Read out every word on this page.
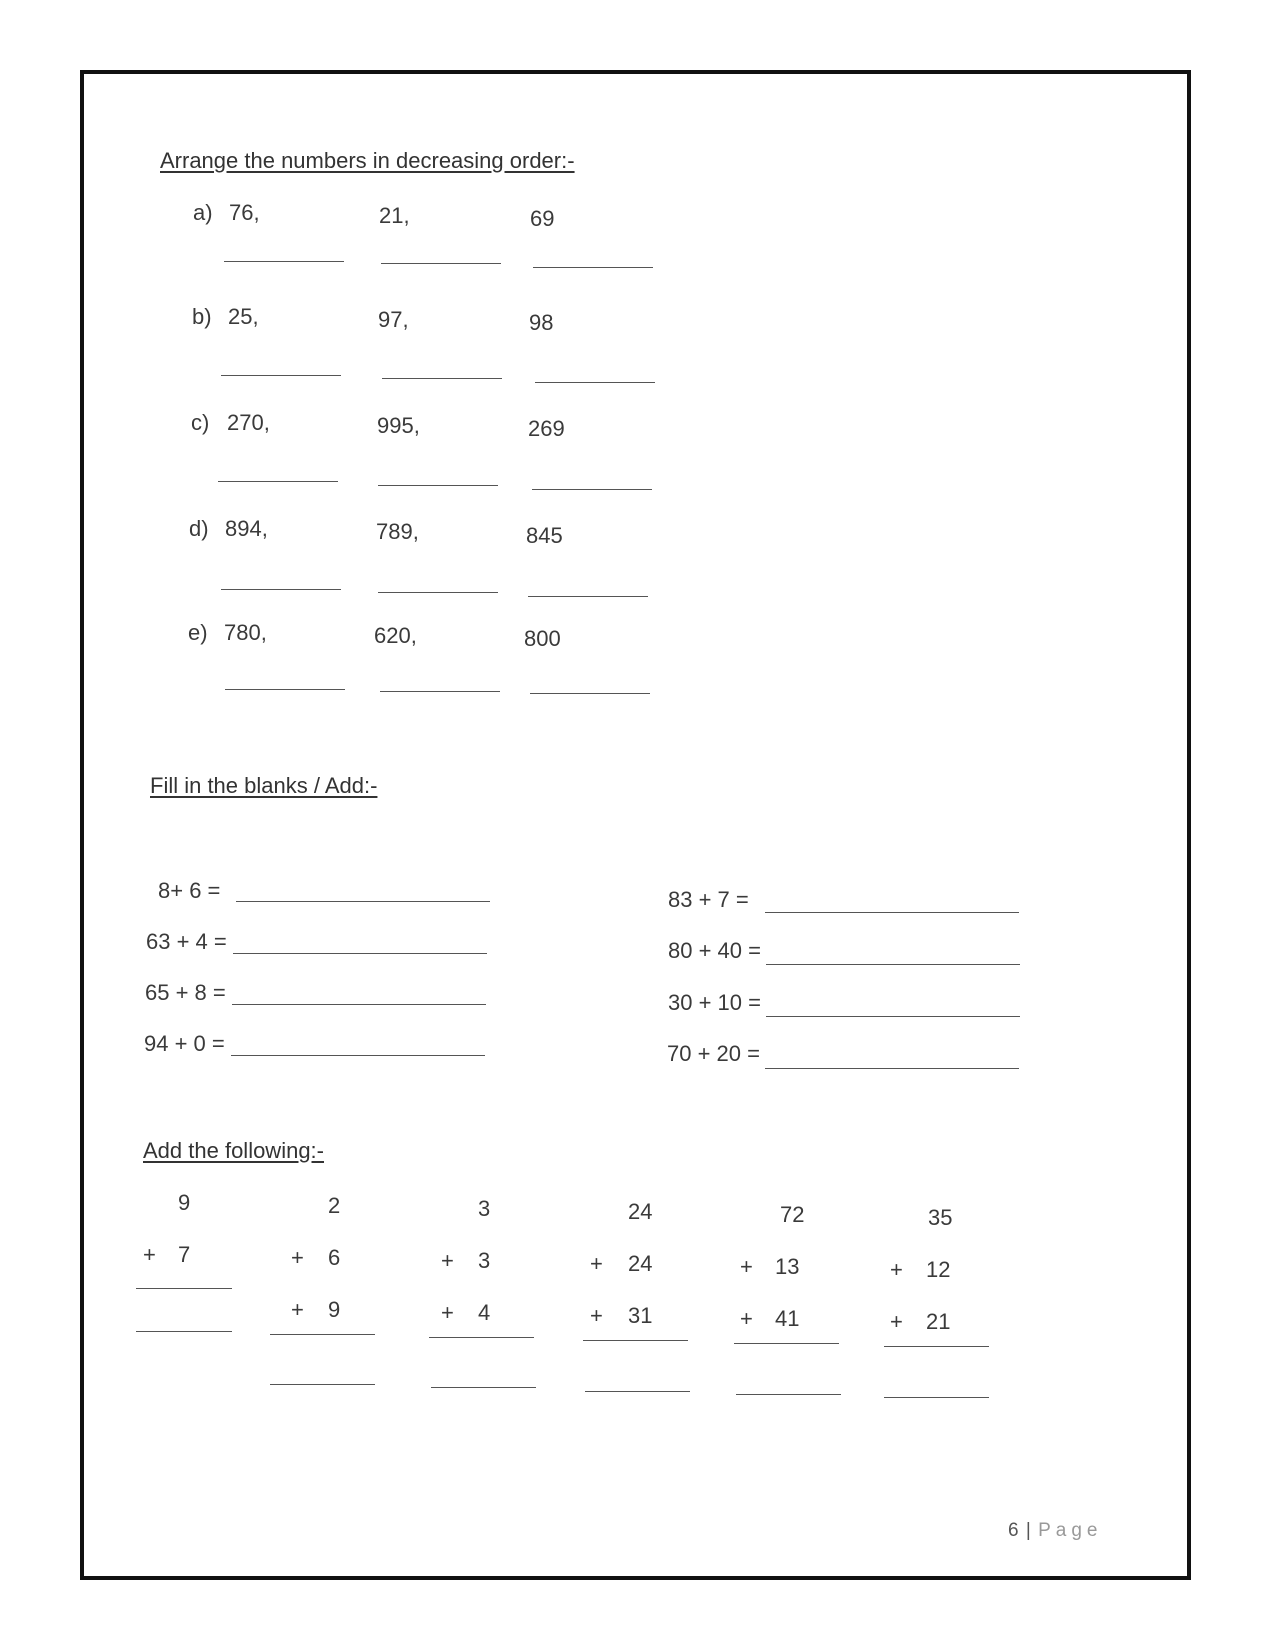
Arrange the numbers in decreasing order:-
a) 76,	21,	69
b) 25,	97,	98
c) 270,	995,	269
d) 894,	789,	845
e) 780,	620,	800
Fill in the blanks / Add:-
8+ 6 =
63 + 4 =
65 + 8 =
94 + 0 =
83 + 7 =
80 + 40 =
30 + 10 =
70 + 20 =
Add the following:-
9
+ 7
2
+ 6
+ 9
3
+ 3
+ 4
24
+ 24
+ 31
72
+ 13
+ 41
35
+ 12
+ 21
6 | Page
